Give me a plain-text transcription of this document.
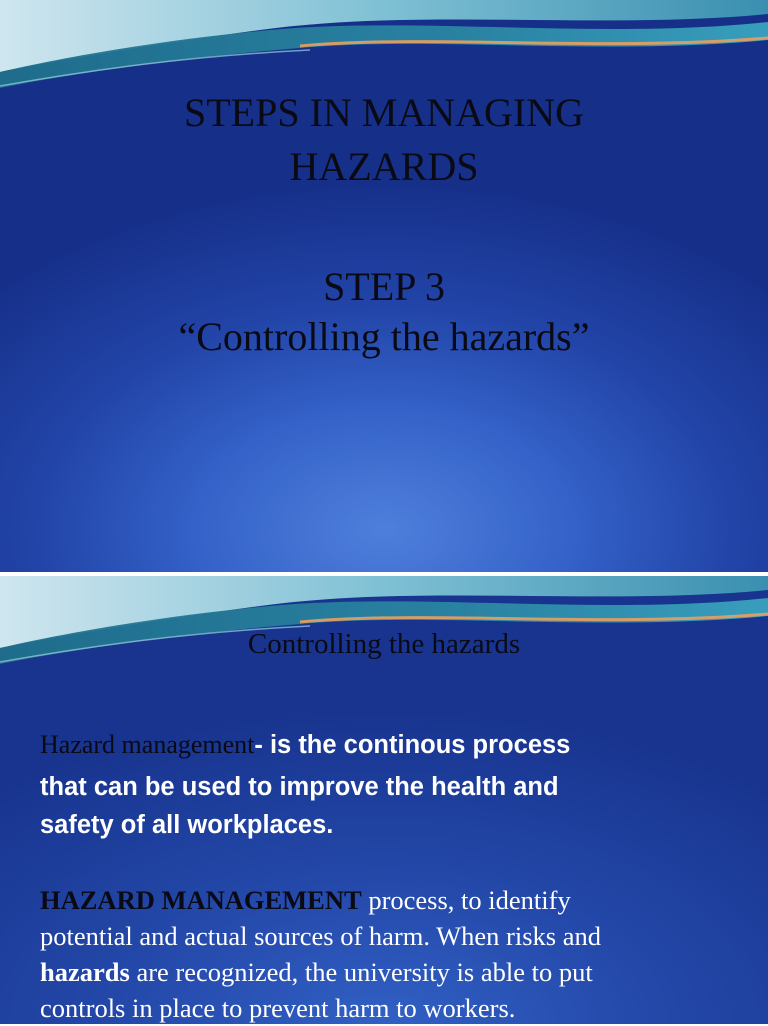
STEPS IN MANAGING
HAZARDS
STEP 3
“Controlling the hazards”
Controlling the hazards
Hazard management- is the continous process
that can be used to improve the health and
safety of all workplaces.
HAZARD MANAGEMENT process, to identify
potential and actual sources of harm. When risks and
hazards are recognized, the university is able to put
controls in place to prevent harm to workers.
